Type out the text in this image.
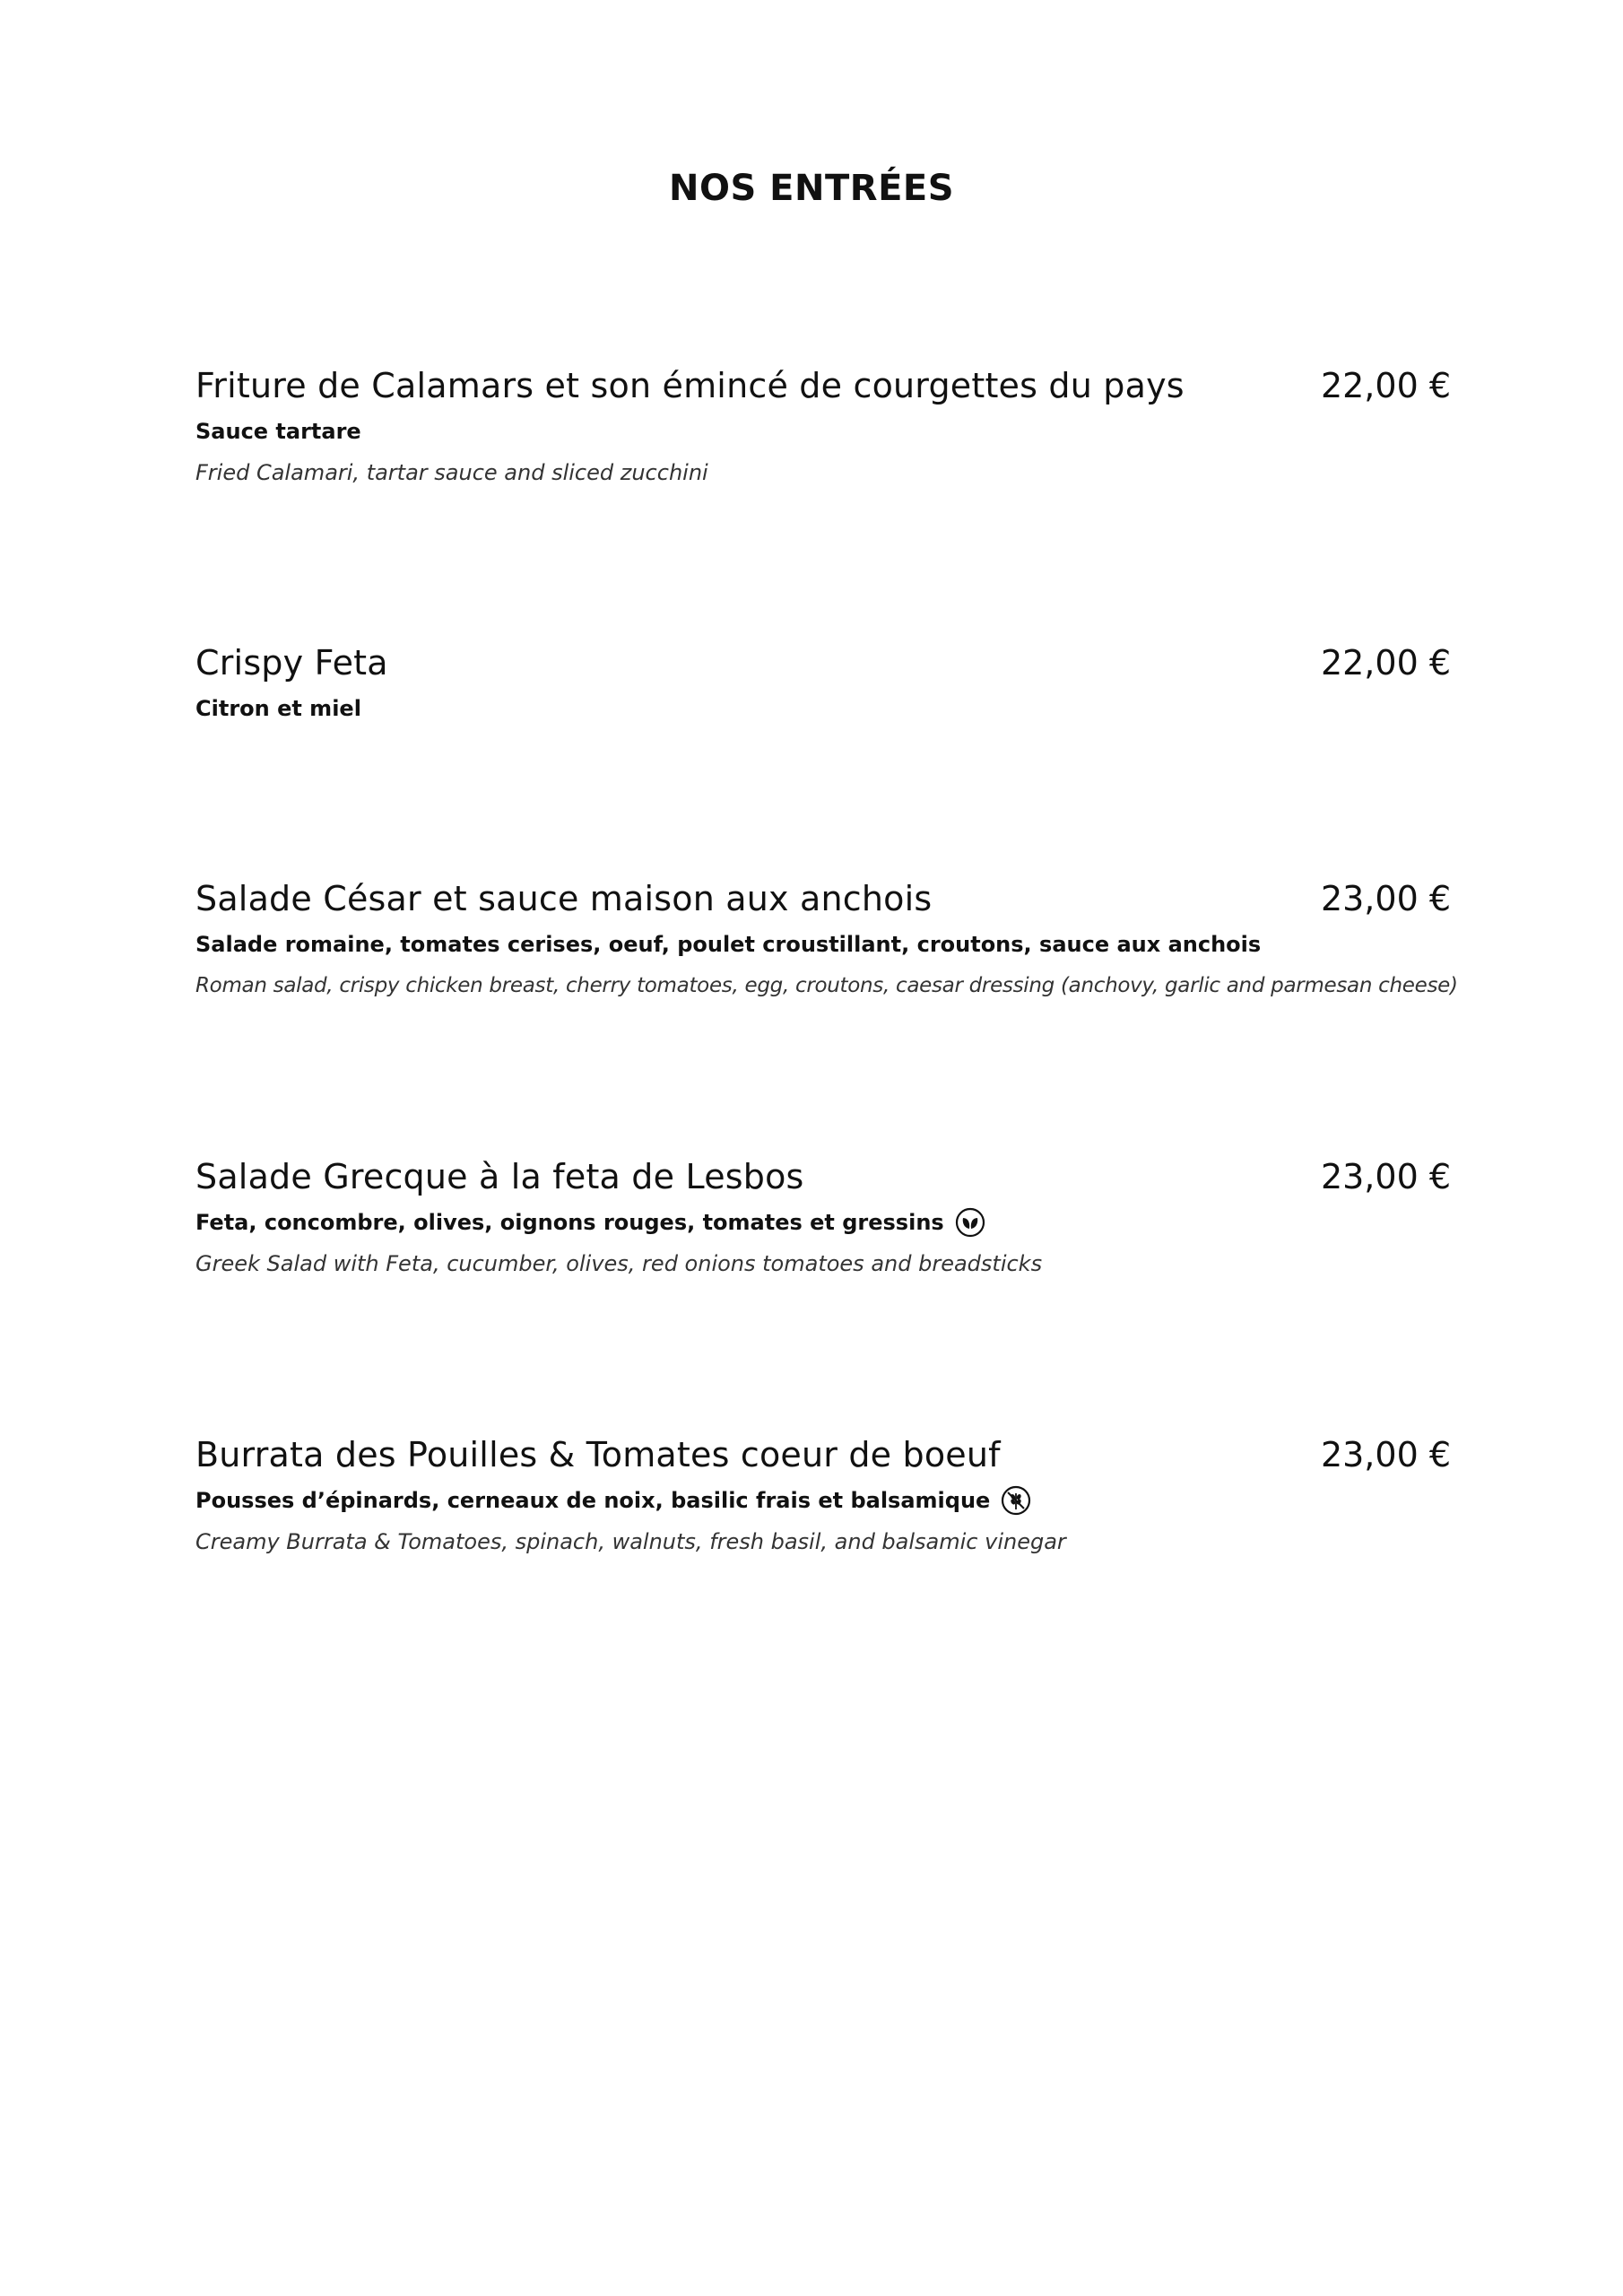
NOS ENTRÉES
Friture de Calamars et son émincé de courgettes du pays	22,00 €
Sauce tartare
Fried Calamari, tartar sauce and sliced zucchini
Crispy Feta	22,00 €
Citron et miel
Salade César et sauce maison aux anchois	23,00 €
Salade romaine, tomates cerises, oeuf, poulet croustillant, croutons, sauce aux anchois
Roman salad, crispy chicken breast, cherry tomatoes, egg, croutons, caesar dressing (anchovy, garlic and parmesan cheese)
Salade Grecque à la feta de Lesbos	23,00 €
Feta, concombre, olives, oignons rouges, tomates et gressins
Greek Salad with Feta, cucumber, olives, red onions tomatoes and breadsticks
Burrata des Pouilles & Tomates coeur de boeuf	23,00 €
Pousses d’épinards, cerneaux de noix, basilic frais et balsamique
Creamy Burrata & Tomatoes, spinach, walnuts, fresh basil, and balsamic vinegar
